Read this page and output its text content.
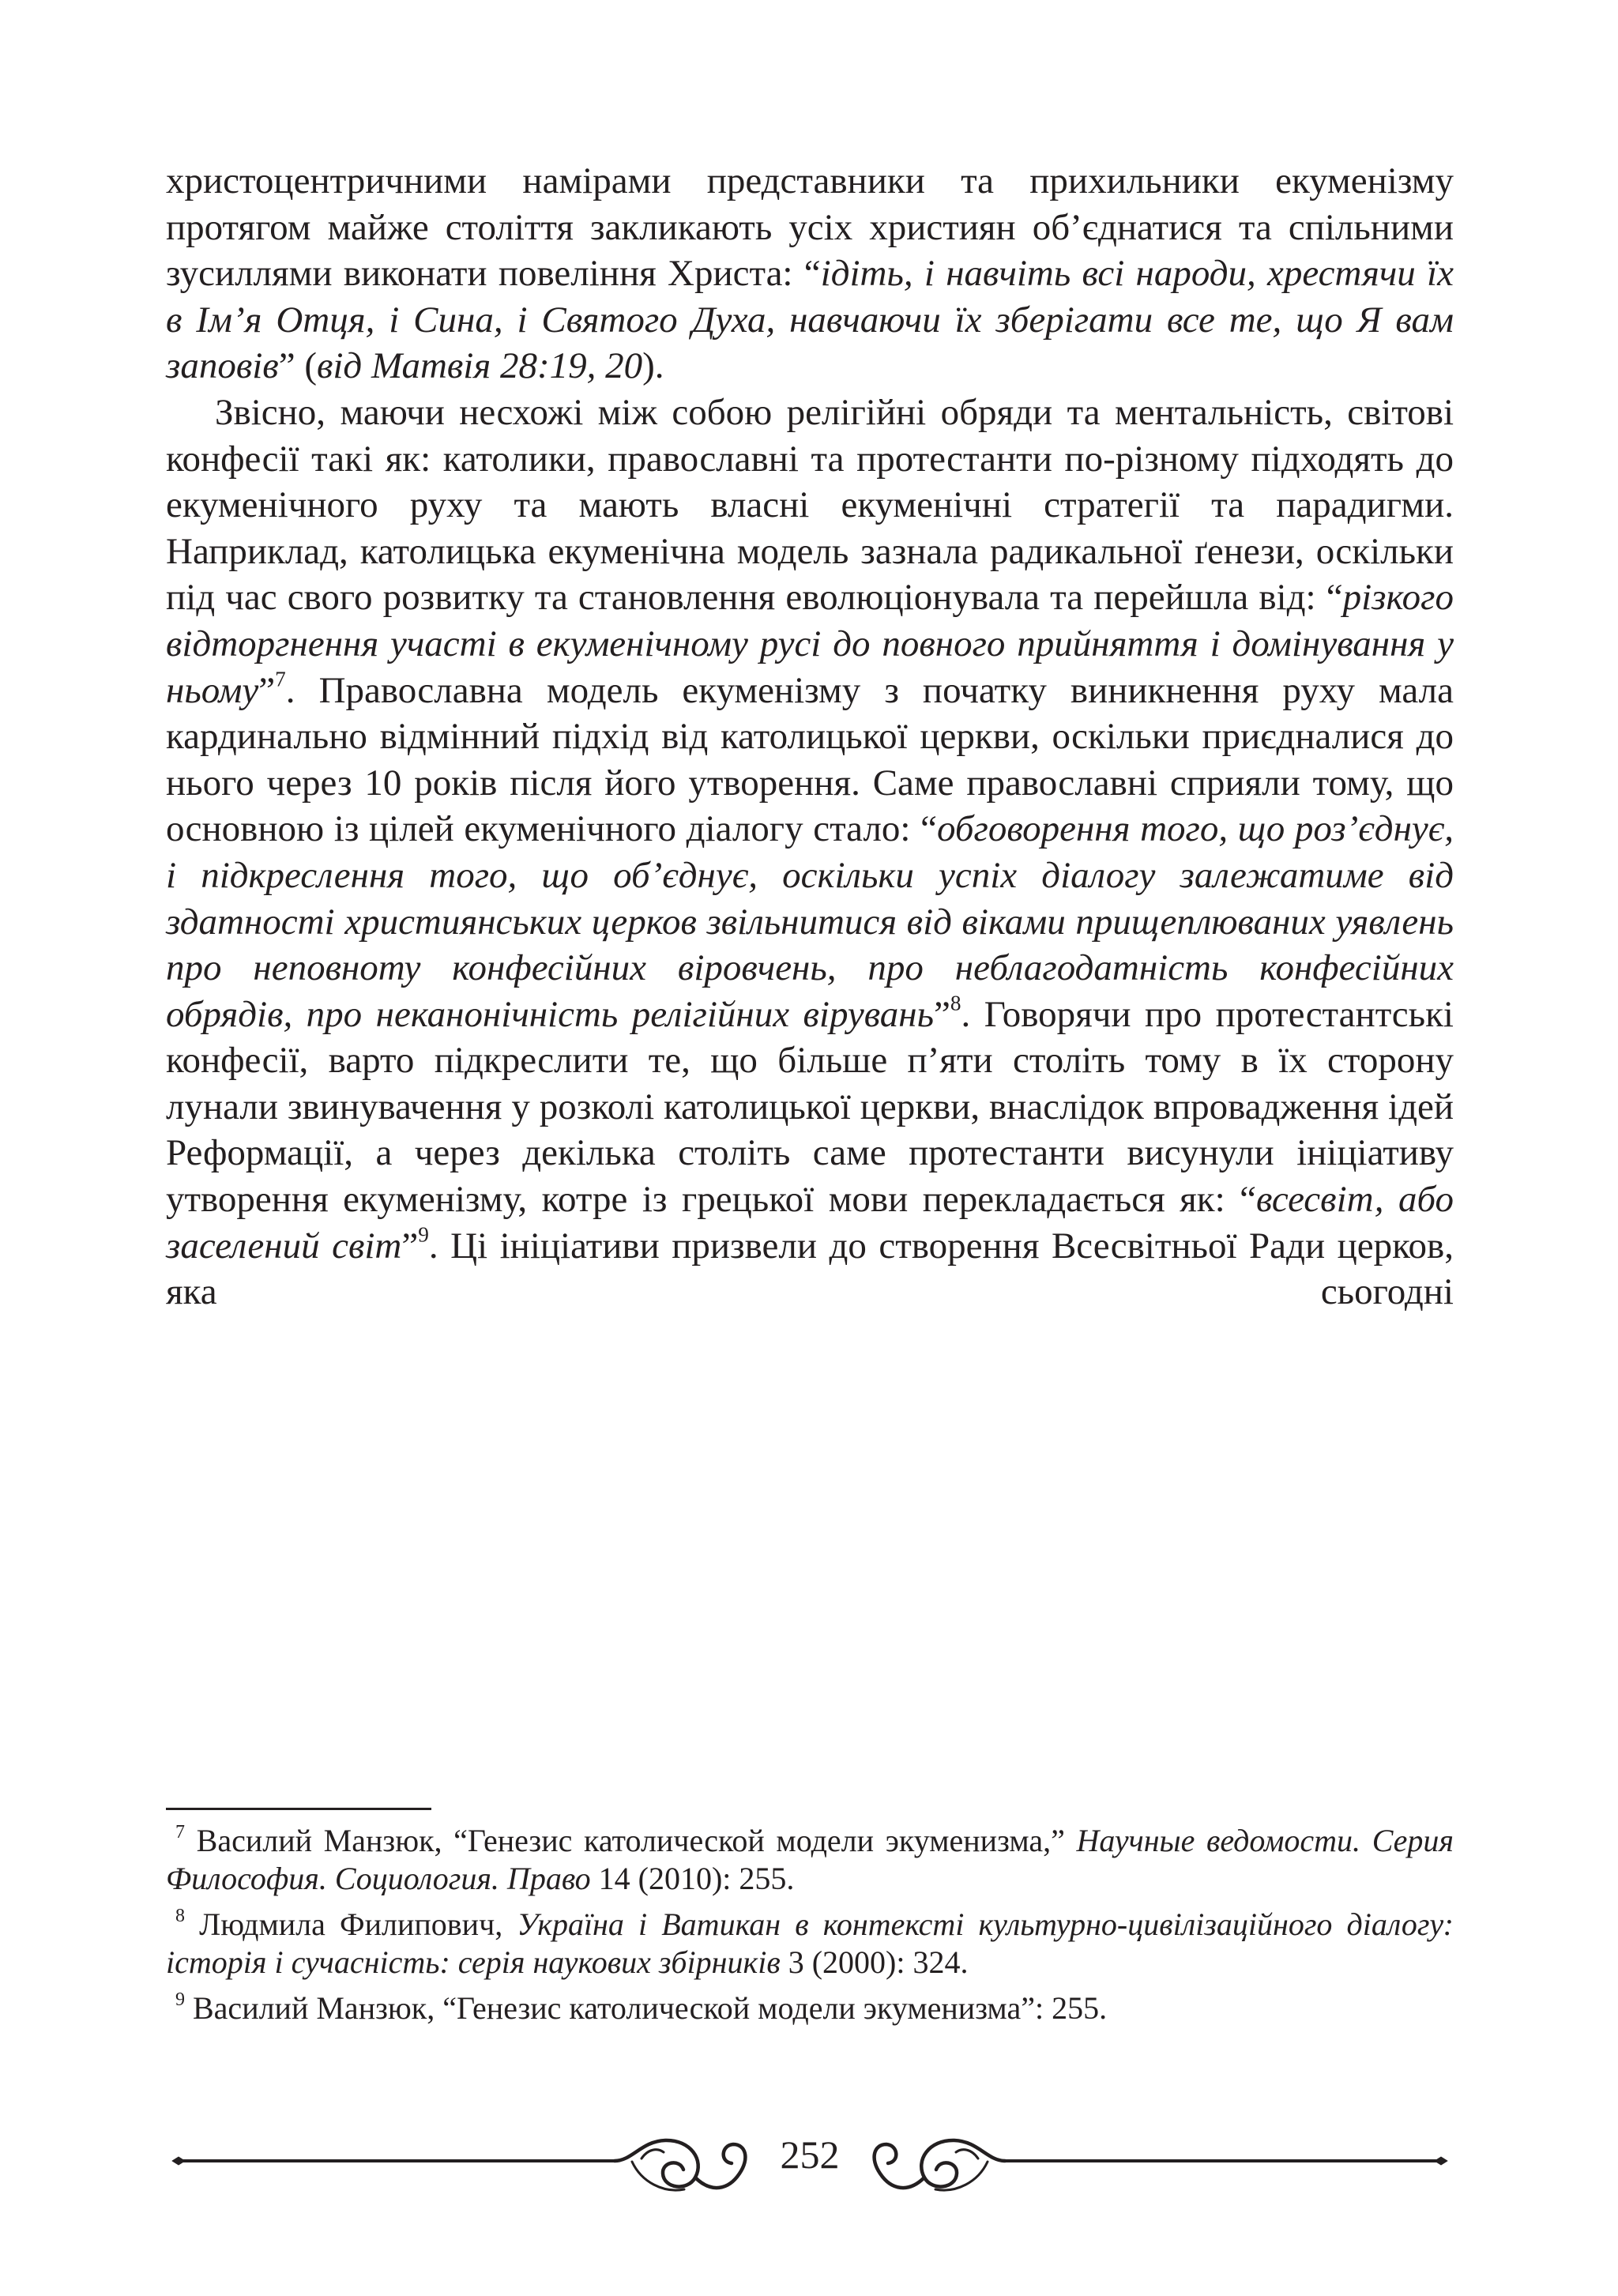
христоцентричними намірами представники та прихильники екуменізму протягом майже століття закликають усіх християн об’єднатися та спільними зусиллями виконати повеління Христа: “ідіть, і навчіть всі народи, хрестячи їх в Ім’я Отця, і Сина, і Святого Духа, навчаючи їх зберігати все те, що Я вам заповів” (від Матвія 28:19, 20).

Звісно, маючи несхожі між собою релігійні обряди та ментальність, світові конфесії такі як: католики, православні та протестанти по-різному підходять до екуменічного руху та мають власні екуменічні стратегії та парадигми. Наприклад, католицька екуменічна модель зазнала радикальної ґенези, оскільки під час свого розвитку та становлення еволюціонувала та перейшла від: “різкого відторгнення участі в екуменічному русі до повного прийняття і домінування у ньому”$^7$. Православна модель екуменізму з початку виникнення руху мала кардинально відмінний підхід від католицької церкви, оскільки приєдналися до нього через 10 років після його утворення. Саме православні сприяли тому, що основною із цілей екуменічного діалогу стало: “обговорення того, що роз’єднує, і підкреслення того, що об’єднує, оскільки успіх діалогу залежатиме від здатності християнських церков звільнитися від віками прищеплюваних уявлень про неповноту конфесійних віровчень, про неблагодатність конфесійних обрядів, про неканонічність релігійних вірувань”$^8$. Говорячи про протестантські конфесії, варто підкреслити те, що більше п’яти століть тому в їх сторону лунали звинувачення у розколі католицької церкви, внаслідок впровадження ідей Реформації, а через декілька століть саме протестанти висунули ініціативу утворення екуменізму, котре із грецької мови перекладається як: “всесвіт, або заселений світ”$^9$. Ці ініціативи призвели до створення Всесвітньої Ради церков, яка сьогодні

$^7$ Василий Манзюк, “Генезис католической модели экуменизма,” Научные ведомости. Серия Философия. Социология. Право 14 (2010): 255.

$^8$ Людмила Филипович, Україна і Ватикан в контексті культурно-цивілізаційного діалогу: історія і сучасність: серія наукових збірників 3 (2000): 324.

$^9$ Василий Манзюк, “Генезис католической модели экуменизма”: 255.

252
